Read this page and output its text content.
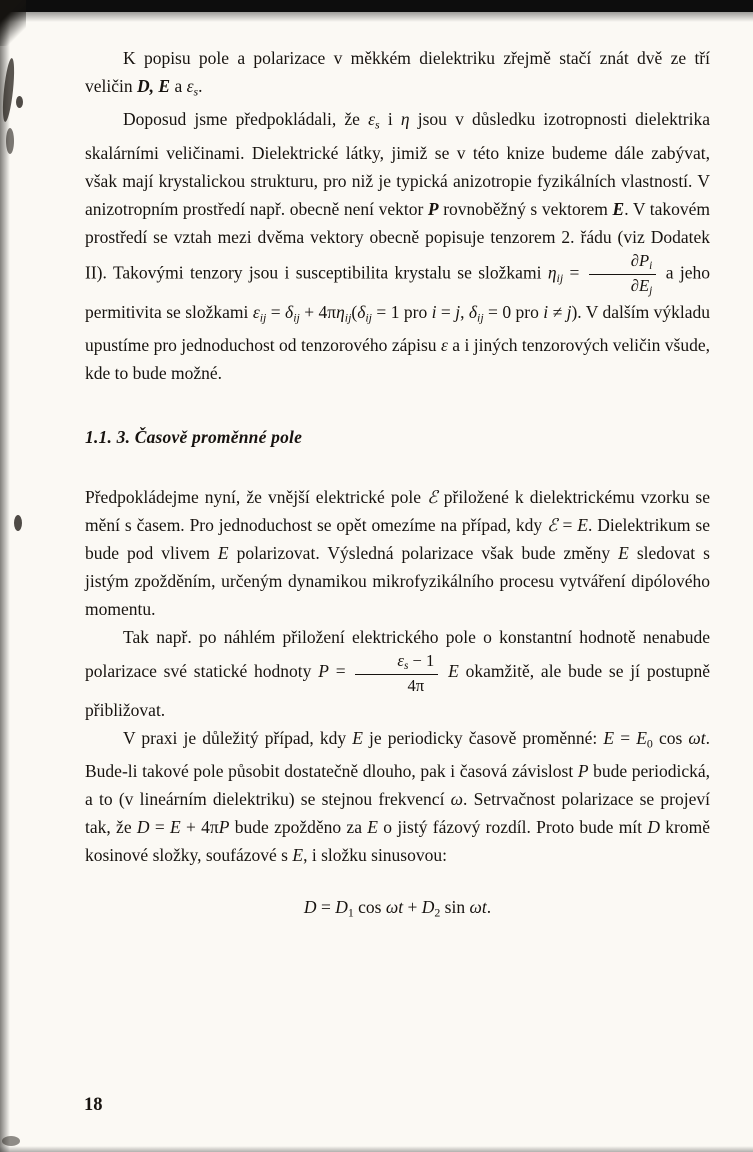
K popisu pole a polarizace v měkkém dielektriku zřejmě stačí znát dvě ze tří veličin D, E a εs.

Doposud jsme předpokládali, že εs i η jsou v důsledku izotropnosti dielektrika skalárními veličinami. Dielektrické látky, jimiž se v této knize budeme dále zabývat, však mají krystalickou strukturu, pro niž je typická anizotropie fyzikálních vlastností. V anizotropním prostředí např. obecně není vektor P rovnoběžný s vektorem E. V takovém prostředí se vztah mezi dvěma vektory obecně popisuje tenzorem 2. řádu (viz Dodatek II). Takovými tenzory jsou i susceptibilita krystalu se složkami $\eta ij = \frac{\partial Pi}{\partial Ej}$ a jeho permitivita se složkami εij = δij + 4πηij(δij = 1 pro i = j, δij = 0 pro i ≠ j). V dalším výkladu upustíme pro jednoduchost od tenzorového zápisu ε a i jiných tenzorových veličin všude, kde to bude možné.

1.1. 3. Časově proměnné pole

Předpokládejme nyní, že vnější elektrické pole ℰ přiložené k dielektrickému vzorku se mění s časem. Pro jednoduchost se opět omezíme na případ, kdy ℰ = E. Dielektrikum se bude pod vlivem E polarizovat. Výsledná polarizace však bude změny E sledovat s jistým zpožděním, určeným dynamikou mikrofyzikálního procesu vytváření dipólového momentu.

Tak např. po náhlém přiložení elektrického pole o konstantní hodnotě nenabude polarizace své statické hodnoty $P = \frac{\varepsilon s - 1}{4\pi}$ E okamžitě, ale bude se jí postupně přibližovat.

V praxi je důležitý případ, kdy E je periodicky časově proměnné: E = E0 cos ωt. Bude-li takové pole působit dostatečně dlouho, pak i časová závislost P bude periodická, a to (v lineárním dielektriku) se stejnou frekvencí ω. Setrvačnost polarizace se projeví tak, že D = E + 4πP bude zpožděno za E o jistý fázový rozdíl. Proto bude mít D kromě kosinové složky, soufázové s E, i složku sinusovou:

D = D1 cos ωt + D2 sin ωt.
18
